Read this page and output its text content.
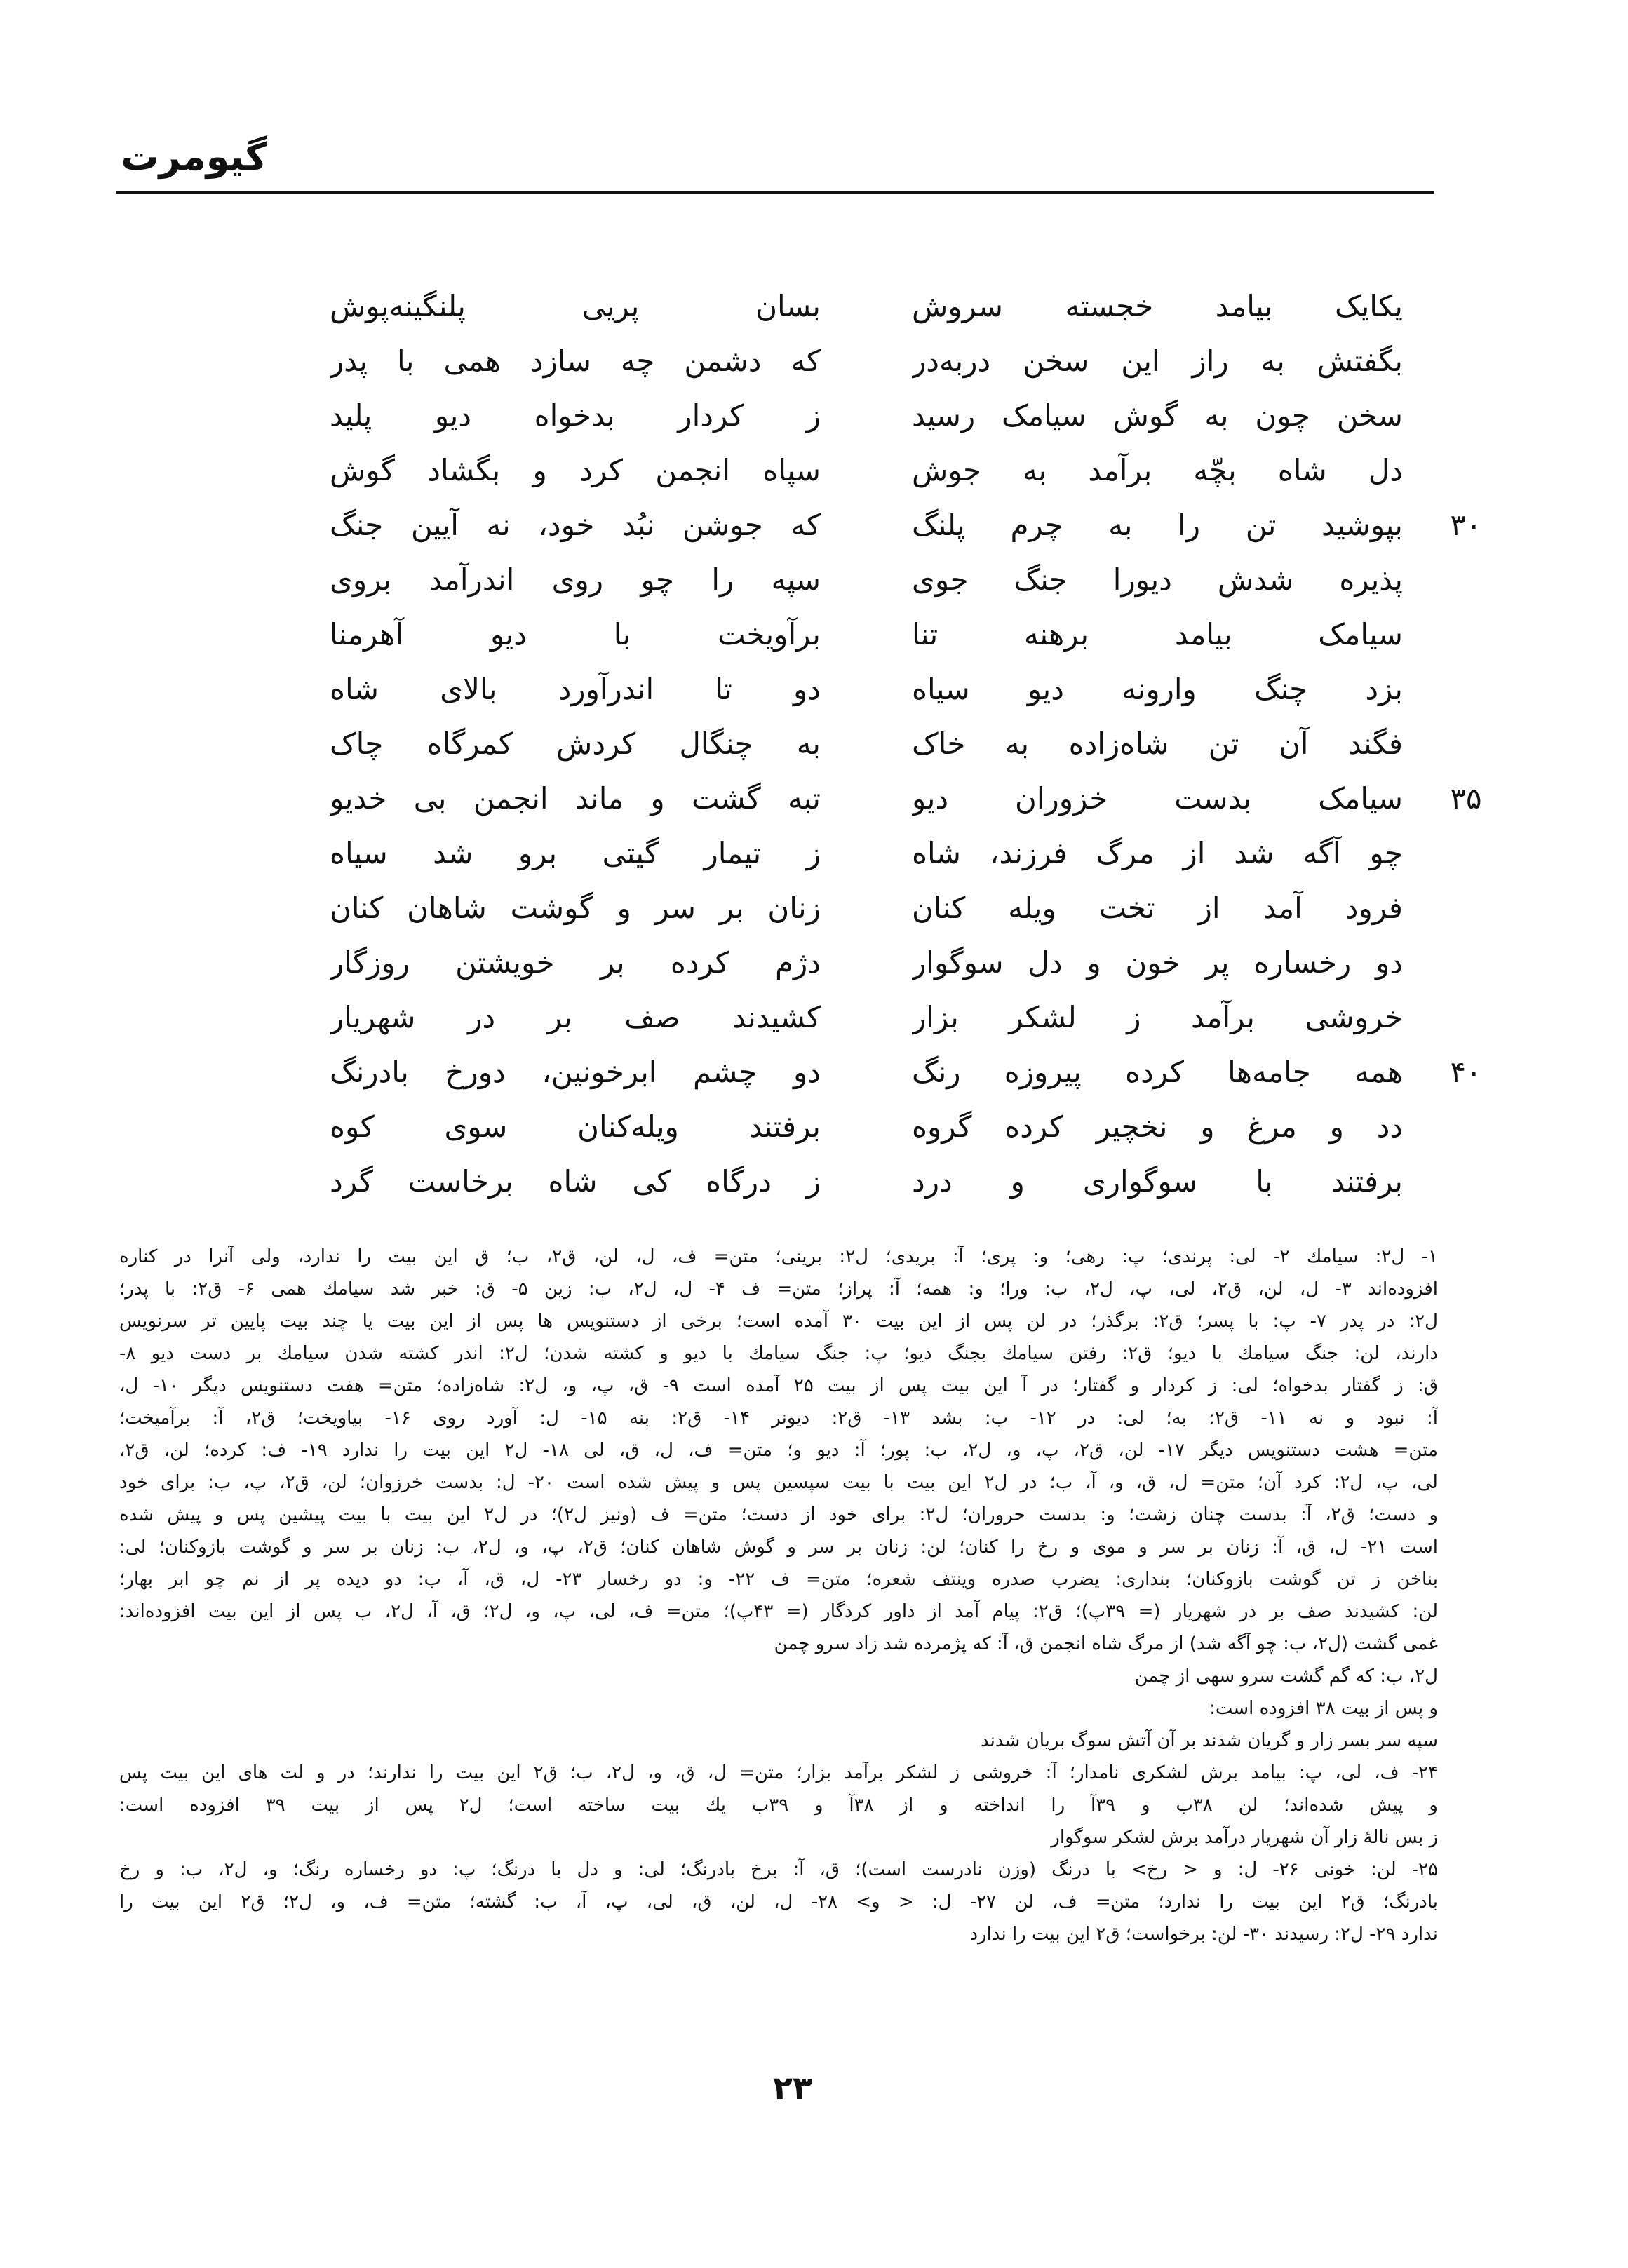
گیومرت
یکایک بیامد خجسته سروش
بسان پریی پلنگینه‌پوش
بگفتش به راز این سخن دربه‌در
که دشمن چه سازد همی با پدر
سخن چون به گوش سیامک رسید
ز کردار بدخواه دیو پلید
دل شاه بچّه برآمد به جوش
سپاه انجمن کرد و بگشاد گوش
۳۰
بپوشید تن را به چرم پلنگ
که جوشن نبُد خود، نه آیین جنگ
پذیره شدش دیورا جنگ جوی
سپه را چو روی اندرآمد بروی
سیامک بیامد برهنه تنا
برآویخت با دیو آهرمنا
بزد چنگ وارونه دیو سیاه
دو تا اندرآورد بالای شاه
فگند آن تن شاه‌زاده به خاک
به چنگال کردش کمرگاه چاک
۳۵
سیامک بدست خزوران دیو
تبه گشت و ماند انجمن بی خدیو
چو آگه شد از مرگ فرزند، شاه
ز تیمار گیتی برو شد سیاه
فرود آمد از تخت ویله کنان
زنان بر سر و گوشت شاهان کنان
دو رخساره پر خون و دل سوگوار
دژم کرده بر خویشتن روزگار
خروشی برآمد ز لشکر بزار
کشیدند صف بر در شهریار
۴۰
همه جامه‌ها کرده پیروزه رنگ
دو چشم ابرخونین، دورخ بادرنگ
دد و مرغ و نخچیر کرده گروه
برفتند ویله‌کنان سوی کوه
برفتند با سوگواری و درد
ز درگاه کی شاه برخاست گرد
۱- ل۲: سیامك ۲- لی: پرندی؛ پ: رهی؛ و: پری؛ آ: بریدی؛ ل۲: برینی؛ متن= ف، ل، لن، ق۲، ب؛ ق این بیت را ندارد، ولی آنرا در کناره
افزوده‌اند ۳- ل، لن، ق۲، لی، پ، ل۲، ب: ورا؛ و: همه؛ آ: پراز؛ متن= ف ۴- ل، ل۲، ب: زین ۵- ق: خبر شد سیامك همی ۶- ق۲: با پدر؛
ل۲: در پدر ۷- پ: با پسر؛ ق۲: برگذر؛ در لن پس از این بیت ۳۰ آمده است؛ برخی از دستنویس ها پس از این بیت یا چند بیت پایین تر سرنویس
دارند، لن: جنگ سیامك با دیو؛ ق۲: رفتن سیامك بجنگ دیو؛ پ: جنگ سیامك با دیو و کشته شدن؛ ل۲: اندر کشته شدن سیامك بر دست دیو ۸-
ق: ز گفتار بدخواه؛ لی: ز کردار و گفتار؛ در آ این بیت پس از بیت ۲۵ آمده است ۹- ق، پ، و، ل۲: شاه‌زاده؛ متن= هفت دستنویس دیگر ۱۰- ل،
آ: نبود و نه ۱۱- ق۲: به؛ لی: در ۱۲- ب: بشد ۱۳- ق۲: دیونر ۱۴- ق۲: بنه ۱۵- ل: آورد روی ۱۶- بیاویخت؛ ق۲، آ: برآمیخت؛
متن= هشت دستنویس دیگر ۱۷- لن، ق۲، پ، و، ل۲، ب: پور؛ آ: دیو و؛ متن= ف، ل، ق، لی ۱۸- ل۲ این بیت را ندارد ۱۹- ف: کرده؛ لن، ق۲،
لی، پ، ل۲: کرد آن؛ متن= ل، ق، و، آ، ب؛ در ل۲ این بیت با بیت سپسین پس و پیش شده است ۲۰- ل: بدست خرزوان؛ لن، ق۲، پ، ب: برای خود
و دست؛ ق۲، آ: بدست چنان زشت؛ و: بدست حروران؛ ل۲: برای خود از دست؛ متن= ف (ونیز ل۲)؛ در ل۲ این بیت با بیت پیشین پس و پیش شده
است ۲۱- ل، ق، آ: زنان بر سر و موی و رخ را کنان؛ لن: زنان بر سر و گوش شاهان کنان؛ ق۲، پ، و، ل۲، ب: زنان بر سر و گوشت بازوکنان؛ لی:
بناخن ز تن گوشت بازوکنان؛ بنداری: یضرب صدره وینتف شعره؛ متن= ف ۲۲- و: دو رخسار ۲۳- ل، ق، آ، ب: دو دیده پر از نم چو ابر بهار؛
لن: کشیدند صف بر در شهریار (= ۳۹پ)؛ ق۲: پیام آمد از داور کردگار (= ۴۳پ)؛ متن= ف، لی، پ، و، ل۲؛ ق، آ، ل۲، ب پس از این بیت افزوده‌اند:
غمی گشت (ل۲، ب: چو آگه شد) از مرگ شاه انجمن ق، آ: که پژمرده شد زاد سرو چمن
ل۲، ب: که گم گشت سرو سهی از چمن
و پس از بیت ۳۸ افزوده است:
سپه سر بسر زار و گریان شدند بر آن آتش سوگ بریان شدند
۲۴- ف، لی، پ: بیامد برش لشکری نامدار؛ آ: خروشی ز لشکر برآمد بزار؛ متن= ل، ق، و، ل۲، ب؛ ق۲ این بیت را ندارند؛ در و لت های این بیت پس
و پیش شده‌اند؛ لن ۳۸ب و ۳۹آ را انداخته و از ۳۸آ و ۳۹ب یك بیت ساخته است؛ ل۲ پس از بیت ۳۹ افزوده است:
ز بس نالهٔ زار آن شهریار درآمد برش لشکر سوگوار
۲۵- لن: خونی ۲۶- ل: و < رخ> با درنگ (وزن نادرست است)؛ ق، آ: برخ بادرنگ؛ لی: و دل با درنگ؛ پ: دو رخساره رنگ؛ و، ل۲، ب: و رخ
بادرنگ؛ ق۲ این بیت را ندارد؛ متن= ف، لن ۲۷- ل: < و> ۲۸- ل، لن، ق، لی، پ، آ، ب: گشته؛ متن= ف، و، ل۲؛ ق۲ این بیت را
ندارد ۲۹- ل۲: رسیدند ۳۰- لن: برخواست؛ ق۲ این بیت را ندارد
۲۳
